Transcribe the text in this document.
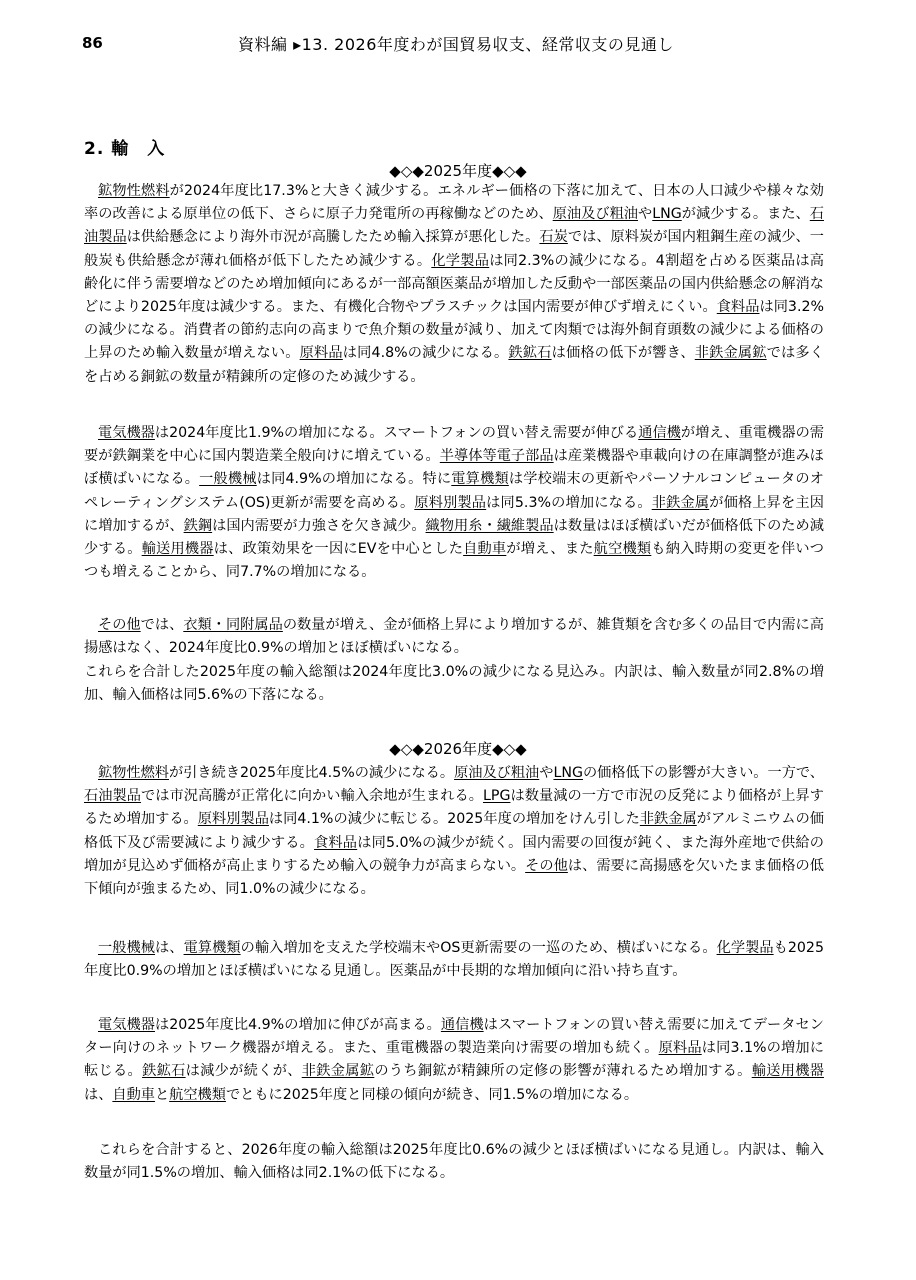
86	資料編 ▸13. 2026年度わが国貿易収支、経常収支の見通し
2. 輸　入
◆◇◆2025年度◆◇◆

鉱物性燃料が2024年度比17.3%と大きく減少する。エネルギー価格の下落に加えて、日本の人口減少や様々な効率の改善による原単位の低下、さらに原子力発電所の再稼働などのため、原油及び粗油やLNGが減少する。また、石油製品は供給懸念により海外市況が高騰したため輸入採算が悪化した。石炭では、原料炭が国内粗鋼生産の減少、一般炭も供給懸念が薄れ価格が低下したため減少する。化学製品は同2.3%の減少になる。4割超を占める医薬品は高齢化に伴う需要増などのため増加傾向にあるが一部高額医薬品が増加した反動や一部医薬品の国内供給懸念の解消などにより2025年度は減少する。また、有機化合物やプラスチックは国内需要が伸びず増えにくい。食料品は同3.2%の減少になる。消費者の節約志向の高まりで魚介類の数量が減り、加えて肉類では海外飼育頭数の減少による価格の上昇のため輸入数量が増えない。原料品は同4.8%の減少になる。鉄鉱石は価格の低下が響き、非鉄金属鉱では多くを占める銅鉱の数量が精錬所の定修のため減少する。

電気機器は2024年度比1.9%の増加になる。スマートフォンの買い替え需要が伸びる通信機が増え、重電機器の需要が鉄鋼業を中心に国内製造業全般向けに増えている。半導体等電子部品は産業機器や車載向けの在庫調整が進みほぼ横ばいになる。一般機械は同4.9%の増加になる。特に電算機類は学校端末の更新やパーソナルコンピュータのオペレーティングシステム(OS)更新が需要を高める。原料別製品は同5.3%の増加になる。非鉄金属が価格上昇を主因に増加するが、鉄鋼は国内需要が力強さを欠き減少。織物用糸・繊維製品は数量はほぼ横ばいだが価格低下のため減少する。輸送用機器は、政策効果を一因にEVを中心とした自動車が増え、また航空機類も納入時期の変更を伴いつつも増えることから、同7.7%の増加になる。

その他では、衣類・同附属品の数量が増え、金が価格上昇により増加するが、雑貨類を含む多くの品目で内需に高揚感はなく、2024年度比0.9%の増加とほぼ横ばいになる。

これらを合計した2025年度の輸入総額は2024年度比3.0%の減少になる見込み。内訳は、輸入数量が同2.8%の増加、輸入価格は同5.6%の下落になる。

◆◇◆2026年度◆◇◆

鉱物性燃料が引き続き2025年度比4.5%の減少になる。原油及び粗油やLNGの価格低下の影響が大きい。一方で、石油製品では市況高騰が正常化に向かい輸入余地が生まれる。LPGは数量減の一方で市況の反発により価格が上昇するため増加する。原料別製品は同4.1%の減少に転じる。2025年度の増加をけん引した非鉄金属がアルミニウムの価格低下及び需要減により減少する。食料品は同5.0%の減少が続く。国内需要の回復が鈍く、また海外産地で供給の増加が見込めず価格が高止まりするため輸入の競争力が高まらない。その他は、需要に高揚感を欠いたまま価格の低下傾向が強まるため、同1.0%の減少になる。

一般機械は、電算機類の輸入増加を支えた学校端末やOS更新需要の一巡のため、横ばいになる。化学製品も2025年度比0.9%の増加とほぼ横ばいになる見通し。医薬品が中長期的な増加傾向に沿い持ち直す。

電気機器は2025年度比4.9%の増加に伸びが高まる。通信機はスマートフォンの買い替え需要に加えてデータセンター向けのネットワーク機器が増える。また、重電機器の製造業向け需要の増加も続く。原料品は同3.1%の増加に転じる。鉄鉱石は減少が続くが、非鉄金属鉱のうち銅鉱が精錬所の定修の影響が薄れるため増加する。輸送用機器は、自動車と航空機類でともに2025年度と同様の傾向が続き、同1.5%の増加になる。

これらを合計すると、2026年度の輸入総額は2025年度比0.6%の減少とほぼ横ばいになる見通し。内訳は、輸入数量が同1.5%の増加、輸入価格は同2.1%の低下になる。
